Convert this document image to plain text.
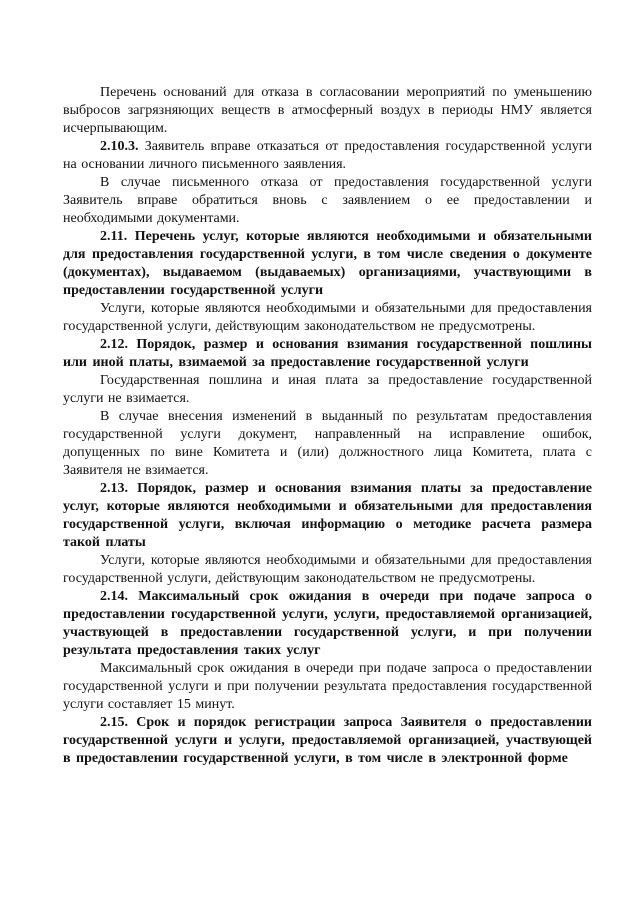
Перечень оснований для отказа в согласовании мероприятий по уменьшению выбросов загрязняющих веществ в атмосферный воздух в периоды НМУ является исчерпывающим.

2.10.3. Заявитель вправе отказаться от предоставления государственной услуги на основании личного письменного заявления.

В случае письменного отказа от предоставления государственной услуги Заявитель вправе обратиться вновь с заявлением о ее предоставлении и необходимыми документами.

2.11. Перечень услуг, которые являются необходимыми и обязательными для предоставления государственной услуги, в том числе сведения о документе (документах), выдаваемом (выдаваемых) организациями, участвующими в предоставлении государственной услуги

Услуги, которые являются необходимыми и обязательными для предоставления государственной услуги, действующим законодательством не предусмотрены.

2.12. Порядок, размер и основания взимания государственной пошлины или иной платы, взимаемой за предоставление государственной услуги

Государственная пошлина и иная плата за предоставление государственной услуги не взимается.

В случае внесения изменений в выданный по результатам предоставления государственной услуги документ, направленный на исправление ошибок, допущенных по вине Комитета и (или) должностного лица Комитета, плата с Заявителя не взимается.

2.13. Порядок, размер и основания взимания платы за предоставление услуг, которые являются необходимыми и обязательными для предоставления государственной услуги, включая информацию о методике расчета размера такой платы

Услуги, которые являются необходимыми и обязательными для предоставления государственной услуги, действующим законодательством не предусмотрены.

2.14. Максимальный срок ожидания в очереди при подаче запроса о предоставлении государственной услуги, услуги, предоставляемой организацией, участвующей в предоставлении государственной услуги, и при получении результата предоставления таких услуг

Максимальный срок ожидания в очереди при подаче запроса о предоставлении государственной услуги и при получении результата предоставления государственной услуги составляет 15 минут.

2.15. Срок и порядок регистрации запроса Заявителя о предоставлении государственной услуги и услуги, предоставляемой организацией, участвующей в предоставлении государственной услуги, в том числе в электронной форме
